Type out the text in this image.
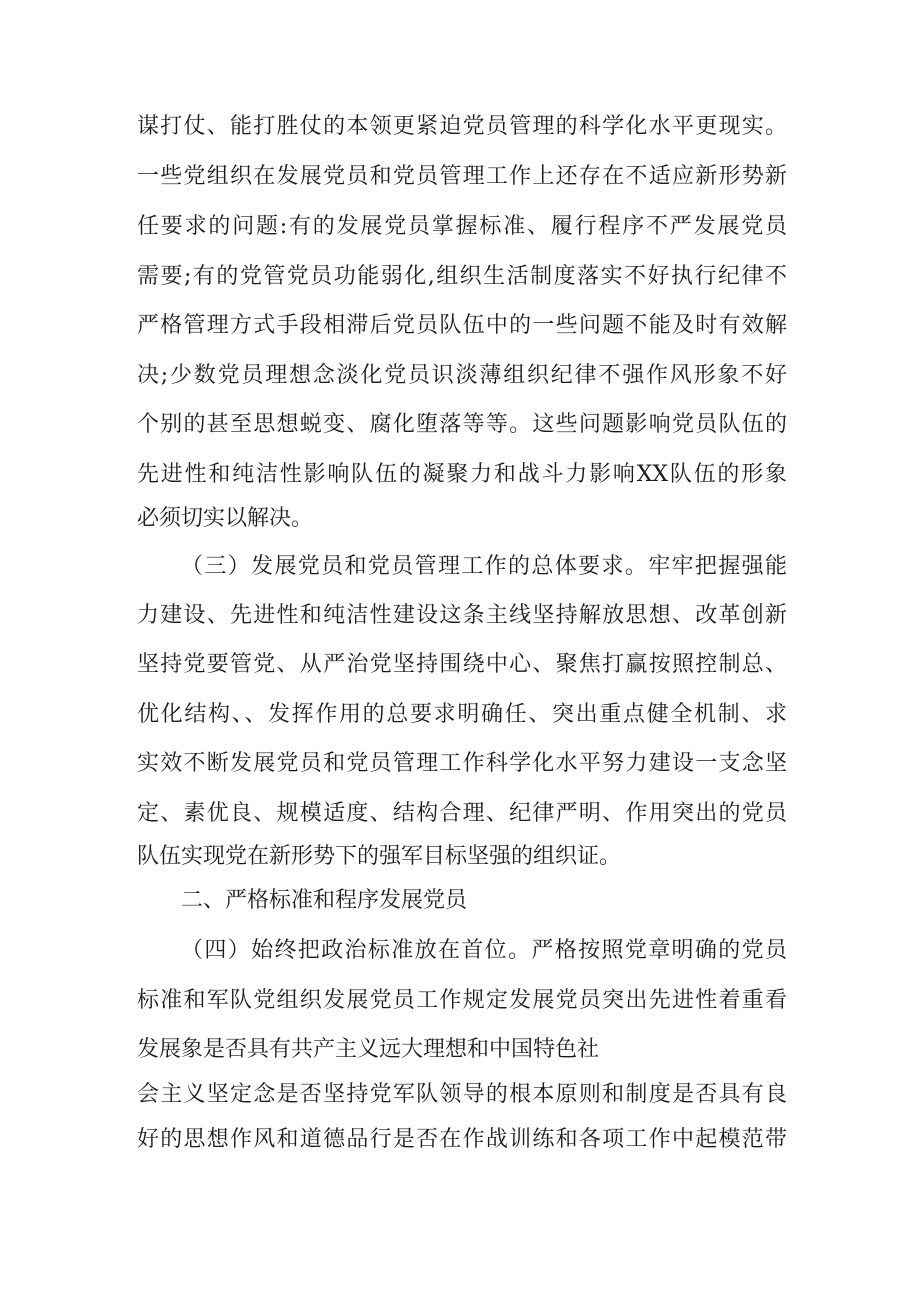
谋打仗、能打胜仗的本领更紧迫党员管理的科学化水平更现实。
一些党组织在发展党员和党员管理工作上还存在不适应新形势新
任要求的问题:有的发展党员掌握标准、履行程序不严发展党员
需要;有的党管党员功能弱化,组织生活制度落实不好执行纪律不
严格管理方式手段相滞后党员队伍中的一些问题不能及时有效解
决;少数党员理想念淡化党员识淡薄组织纪律不强作风形象不好
个别的甚至思想蜕变、腐化堕落等等。这些问题影响党员队伍的
先进性和纯洁性影响队伍的凝聚力和战斗力影响XX队伍的形象
必须切实以解决。
（三）发展党员和党员管理工作的总体要求。牢牢把握强能
力建设、先进性和纯洁性建设这条主线坚持解放思想、改革创新
坚持党要管党、从严治党坚持围绕中心、聚焦打赢按照控制总、
优化结构、、发挥作用的总要求明确任、突出重点健全机制、求
实效不断发展党员和党员管理工作科学化水平努力建设一支念坚
定、素优良、规模适度、结构合理、纪律严明、作用突出的党员
队伍实现党在新形势下的强军目标坚强的组织证。
二、严格标准和程序发展党员
（四）始终把政治标准放在首位。严格按照党章明确的党员
标准和军队党组织发展党员工作规定发展党员突出先进性着重看
发展象是否具有共产主义远大理想和中国特色社
会主义坚定念是否坚持党军队领导的根本原则和制度是否具有良
好的思想作风和道德品行是否在作战训练和各项工作中起模范带
